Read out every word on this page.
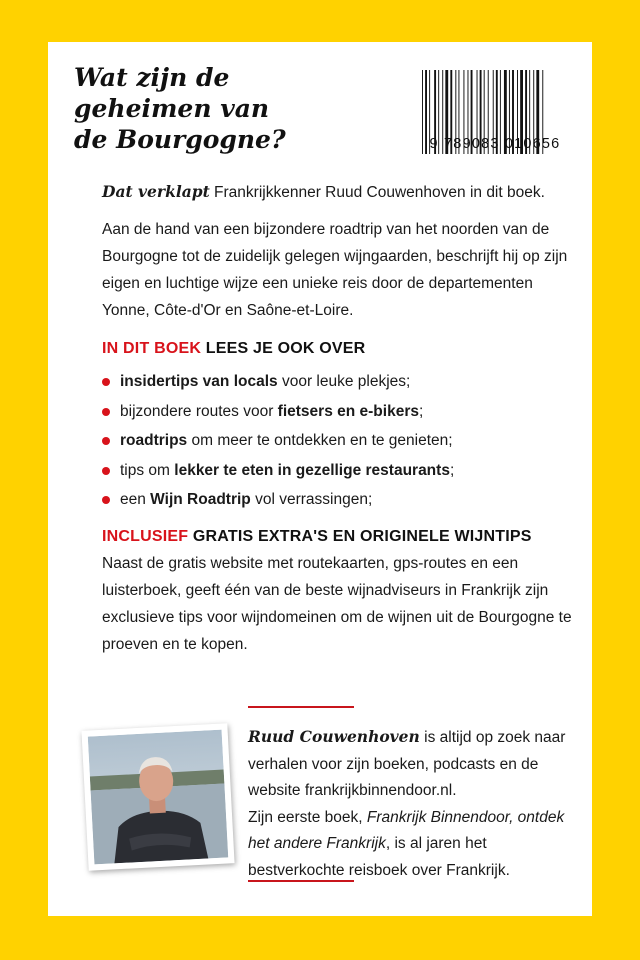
Wat zijn de
geheimen van
de Bourgogne?	9 789083 010656
Dat verklapt Frankrijkkenner Ruud Couwenhoven in dit boek.
Aan de hand van een bijzondere roadtrip van het noorden van de Bourgogne tot de zuidelijk gelegen wijngaarden, beschrijft hij op zijn eigen en luchtige wijze een unieke reis door de departementen Yonne, Côte-d'Or en Saône-et-Loire.
IN DIT BOEK LEES JE OOK OVER
insidertips van locals voor leuke plekjes;
bijzondere routes voor fietsers en e-bikers;
roadtrips om meer te ontdekken en te genieten;
tips om lekker te eten in gezellige restaurants;
een Wijn Roadtrip vol verrassingen;
INCLUSIEF GRATIS EXTRA'S EN ORIGINELE WIJNTIPS
Naast de gratis website met routekaarten, gps-routes en een luisterboek, geeft één van de beste wijnadviseurs in Frankrijk zijn exclusieve tips voor wijndomeinen om de wijnen uit de Bourgogne te proeven en te kopen.
Ruud Couwenhoven is altijd op zoek naar verhalen voor zijn boeken, podcasts en de website frankrijkbinnendoor.nl.
Zijn eerste boek, Frankrijk Binnendoor, ontdek het andere Frankrijk, is al jaren het bestverkochte reisboek over Frankrijk.
